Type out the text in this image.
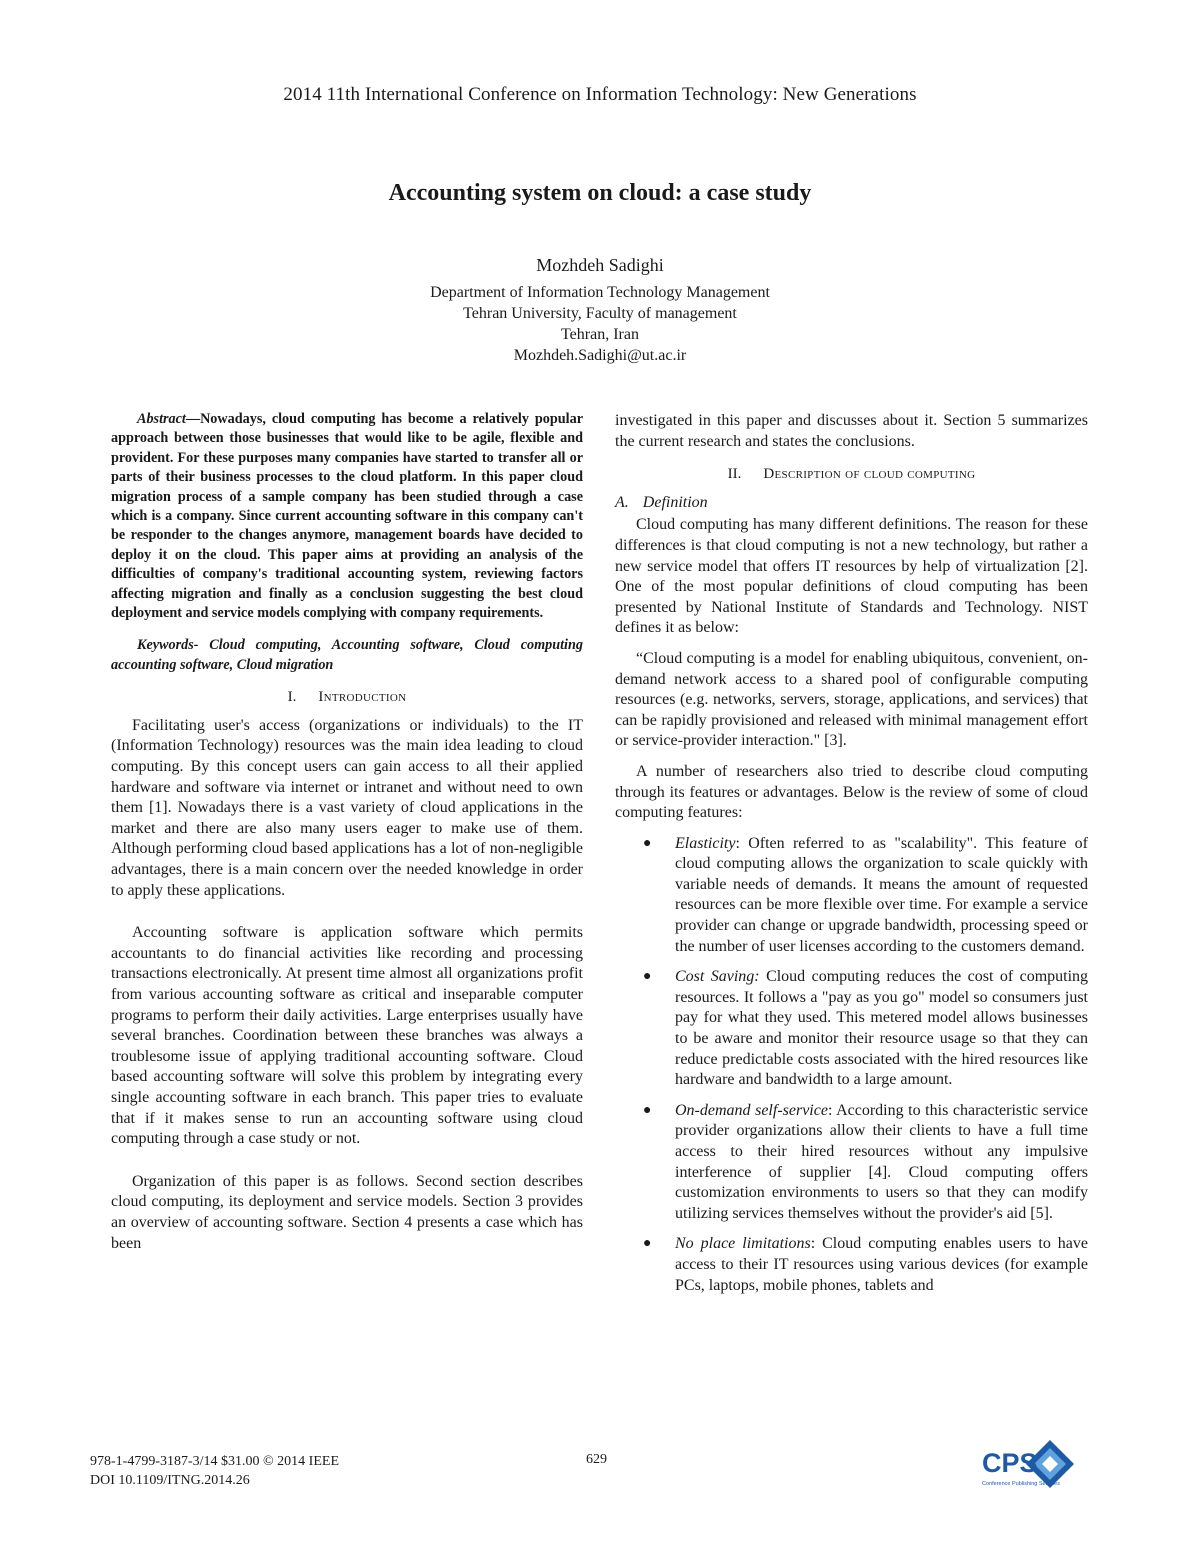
2014 11th International Conference on Information Technology: New Generations
Accounting system on cloud: a case study
Mozhdeh Sadighi
Department of Information Technology Management
Tehran University, Faculty of management
Tehran, Iran
Mozhdeh.Sadighi@ut.ac.ir

Abstract—Nowadays, cloud computing has become a relatively popular approach between those businesses that would like to be agile, flexible and provident. For these purposes many companies have started to transfer all or parts of their business processes to the cloud platform. In this paper cloud migration process of a sample company has been studied through a case which is a company. Since current accounting software in this company can't be responder to the changes anymore, management boards have decided to deploy it on the cloud. This paper aims at providing an analysis of the difficulties of company's traditional accounting system, reviewing factors affecting migration and finally as a conclusion suggesting the best cloud deployment and service models complying with company requirements.

Keywords- Cloud computing, Accounting software, Cloud computing accounting software, Cloud migration

I. Introduction

Facilitating user's access (organizations or individuals) to the IT (Information Technology) resources was the main idea leading to cloud computing. By this concept users can gain access to all their applied hardware and software via internet or intranet and without need to own them [1]. Nowadays there is a vast variety of cloud applications in the market and there are also many users eager to make use of them. Although performing cloud based applications has a lot of non-negligible advantages, there is a main concern over the needed knowledge in order to apply these applications.

Accounting software is application software which permits accountants to do financial activities like recording and processing transactions electronically. At present time almost all organizations profit from various accounting software as critical and inseparable computer programs to perform their daily activities. Large enterprises usually have several branches. Coordination between these branches was always a troublesome issue of applying traditional accounting software. Cloud based accounting software will solve this problem by integrating every single accounting software in each branch. This paper tries to evaluate that if it makes sense to run an accounting software using cloud computing through a case study or not.

Organization of this paper is as follows. Second section describes cloud computing, its deployment and service models. Section 3 provides an overview of accounting software. Section 4 presents a case which has been

investigated in this paper and discusses about it. Section 5 summarizes the current research and states the conclusions.

II. Description of cloud computing
A. Definition

Cloud computing has many different definitions. The reason for these differences is that cloud computing is not a new technology, but rather a new service model that offers IT resources by help of virtualization [2]. One of the most popular definitions of cloud computing has been presented by National Institute of Standards and Technology. NIST defines it as below:

“Cloud computing is a model for enabling ubiquitous, convenient, on-demand network access to a shared pool of configurable computing resources (e.g. networks, servers, storage, applications, and services) that can be rapidly provisioned and released with minimal management effort or service-provider interaction." [3].

A number of researchers also tried to describe cloud computing through its features or advantages. Below is the review of some of cloud computing features:

● Elasticity: Often referred to as "scalability". This feature of cloud computing allows the organization to scale quickly with variable needs of demands. It means the amount of requested resources can be more flexible over time. For example a service provider can change or upgrade bandwidth, processing speed or the number of user licenses according to the customers demand.
● Cost Saving: Cloud computing reduces the cost of computing resources. It follows a "pay as you go" model so consumers just pay for what they used. This metered model allows businesses to be aware and monitor their resource usage so that they can reduce predictable costs associated with the hired resources like hardware and bandwidth to a large amount.
● On-demand self-service: According to this characteristic service provider organizations allow their clients to have a full time access to their hired resources without any impulsive interference of supplier [4]. Cloud computing offers customization environments to users so that they can modify utilizing services themselves without the provider's aid [5].
● No place limitations: Cloud computing enables users to have access to their IT resources using various devices (for example PCs, laptops, mobile phones, tablets and
978-1-4799-3187-3/14 $31.00 © 2014 IEEE
DOI 10.1109/ITNG.2014.26
629	CPS
Conference Publishing Services
